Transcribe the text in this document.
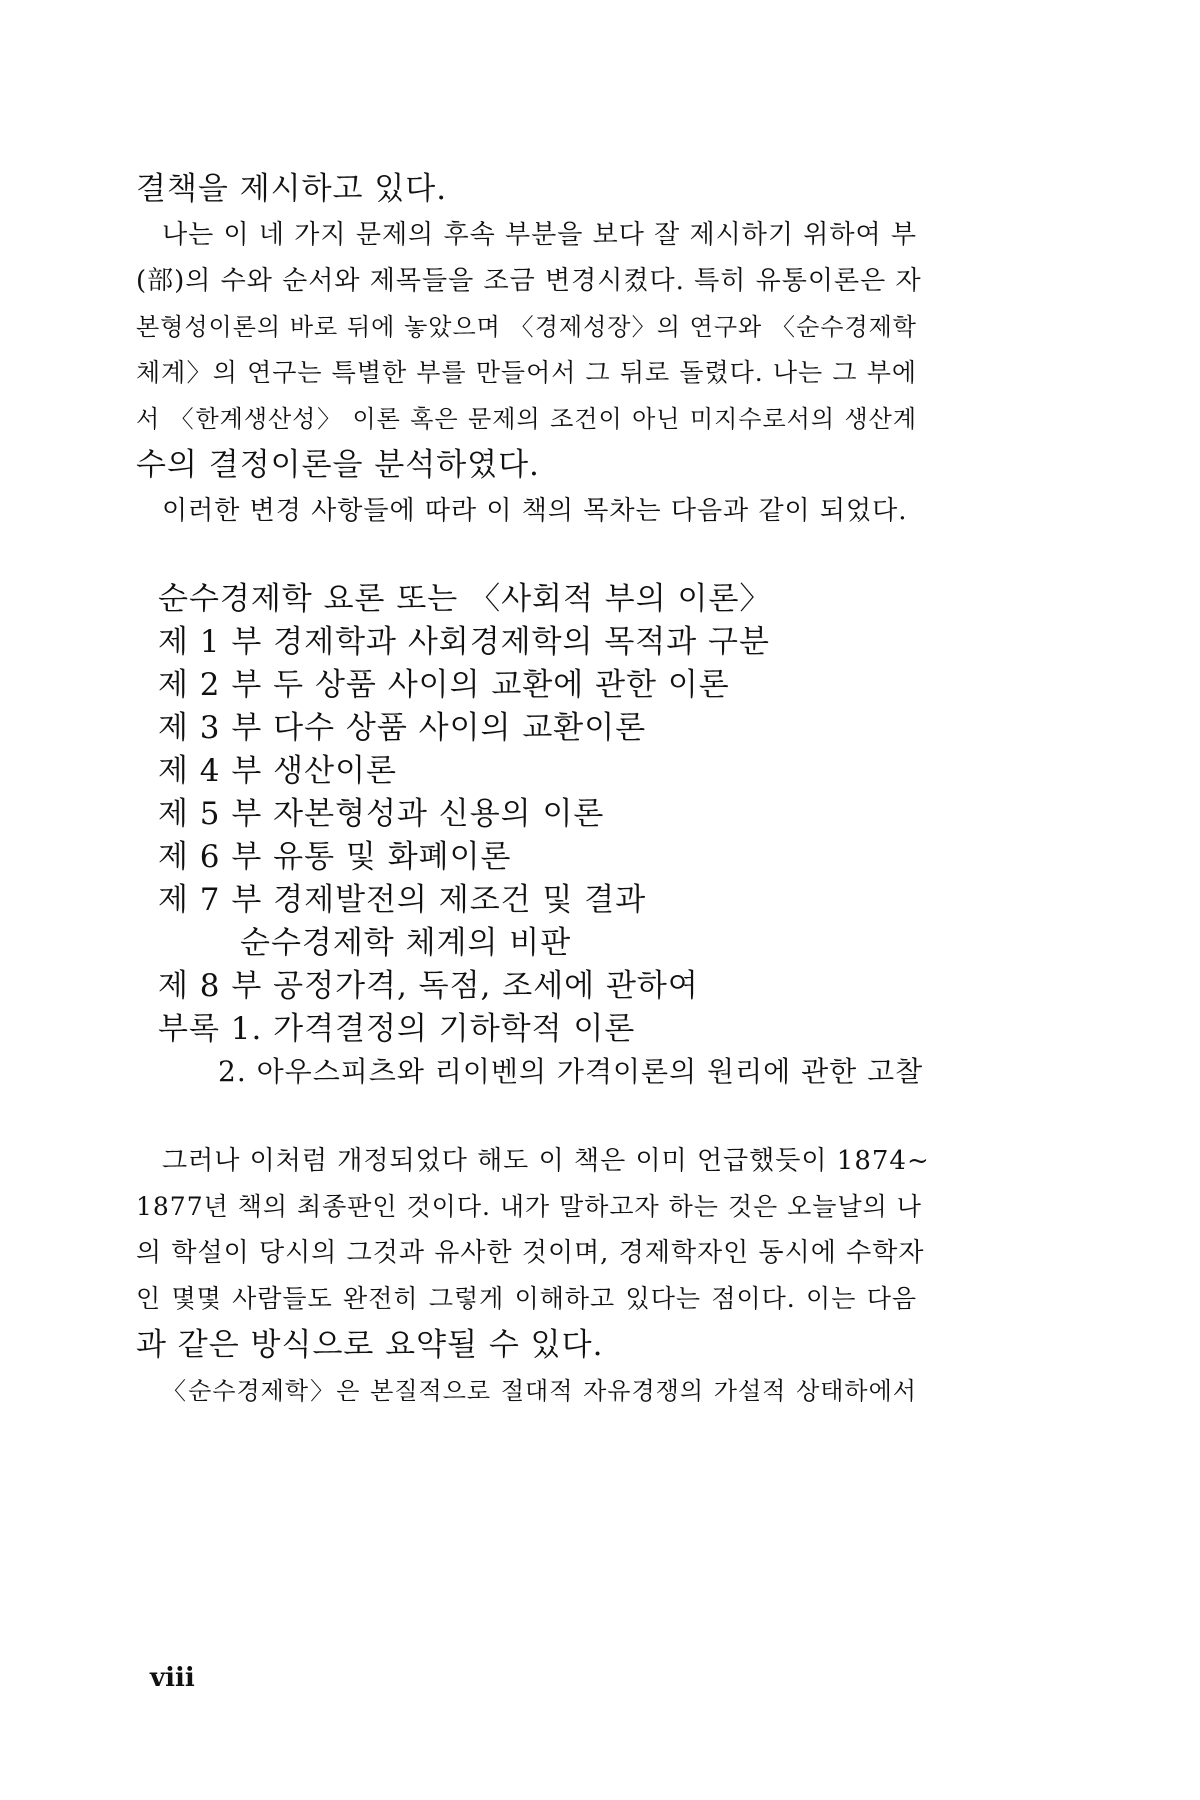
결책을 제시하고 있다.
나는 이 네 가지 문제의 후속 부분을 보다 잘 제시하기 위하여 부
(部)의 수와 순서와 제목들을 조금 변경시켰다. 특히 유통이론은 자
본형성이론의 바로 뒤에 놓았으며 〈경제성장〉의 연구와 〈순수경제학
체계〉의 연구는 특별한 부를 만들어서 그 뒤로 돌렸다. 나는 그 부에
서 〈한계생산성〉 이론 혹은 문제의 조건이 아닌 미지수로서의 생산계
수의 결정이론을 분석하였다.
이러한 변경 사항들에 따라 이 책의 목차는 다음과 같이 되었다.
순수경제학 요론 또는 〈사회적 부의 이론〉
제 1 부 경제학과 사회경제학의 목적과 구분
제 2 부 두 상품 사이의 교환에 관한 이론
제 3 부 다수 상품 사이의 교환이론
제 4 부 생산이론
제 5 부 자본형성과 신용의 이론
제 6 부 유통 및 화폐이론
제 7 부 경제발전의 제조건 및 결과
순수경제학 체계의 비판
제 8 부 공정가격, 독점, 조세에 관하여
부록 1. 가격결정의 기하학적 이론
2. 아우스피츠와 리이벤의 가격이론의 원리에 관한 고찰
그러나 이처럼 개정되었다 해도 이 책은 이미 언급했듯이 1874~
1877년 책의 최종판인 것이다. 내가 말하고자 하는 것은 오늘날의 나
의 학설이 당시의 그것과 유사한 것이며, 경제학자인 동시에 수학자
인 몇몇 사람들도 완전히 그렇게 이해하고 있다는 점이다. 이는 다음
과 같은 방식으로 요약될 수 있다.
〈순수경제학〉은 본질적으로 절대적 자유경쟁의 가설적 상태하에서
viii
